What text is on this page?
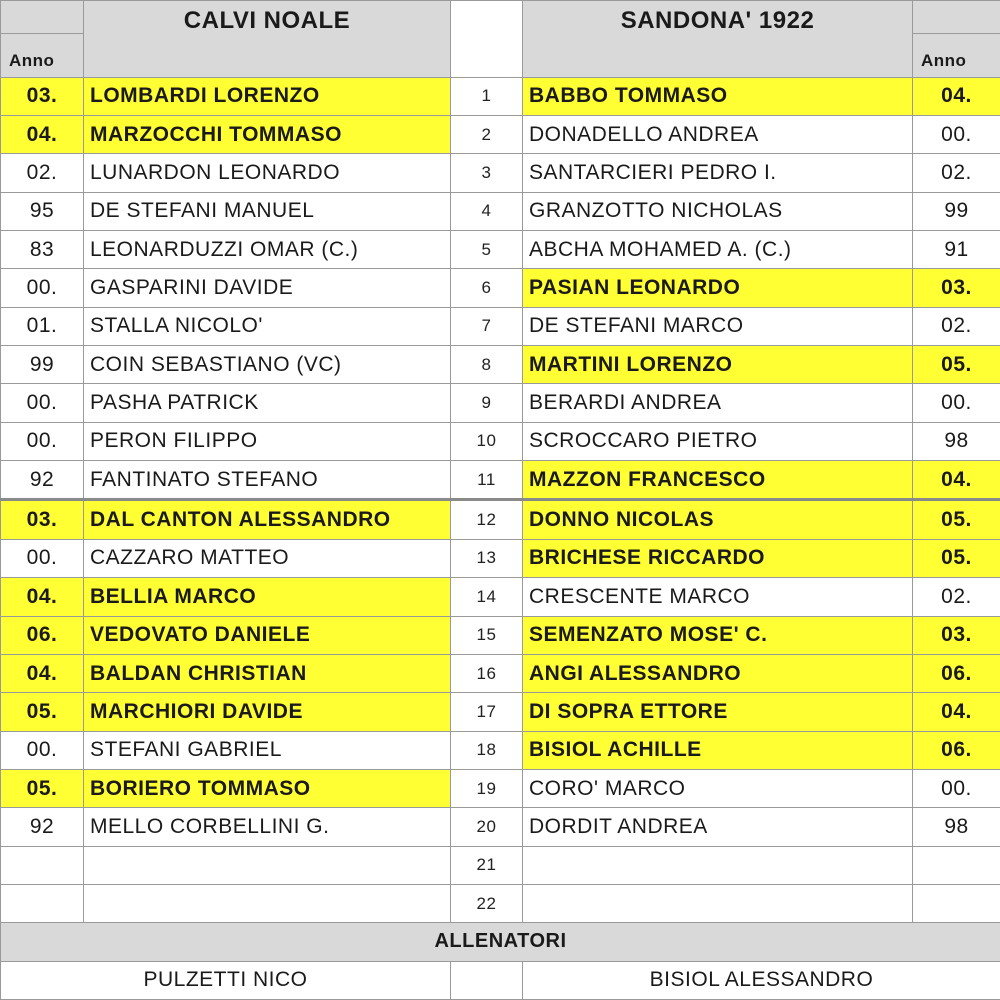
	CALVI NOALE		SANDONA' 1922	
Anno				Anno
03.	LOMBARDI LORENZO	1	BABBO TOMMASO	04.
04.	MARZOCCHI TOMMASO	2	DONADELLO ANDREA	00.
02.	LUNARDON LEONARDO	3	SANTARCIERI PEDRO I.	02.
95	DE STEFANI MANUEL	4	GRANZOTTO NICHOLAS	99
83	LEONARDUZZI OMAR (C.)	5	ABCHA MOHAMED A. (C.)	91
00.	GASPARINI DAVIDE	6	PASIAN LEONARDO	03.
01.	STALLA NICOLO'	7	DE STEFANI MARCO	02.
99	COIN SEBASTIANO (VC)	8	MARTINI LORENZO	05.
00.	PASHA PATRICK	9	BERARDI ANDREA	00.
00.	PERON FILIPPO	10	SCROCCARO PIETRO	98
92	FANTINATO STEFANO	11	MAZZON FRANCESCO	04.
03.	DAL CANTON ALESSANDRO	12	DONNO NICOLAS	05.
00.	CAZZARO MATTEO	13	BRICHESE RICCARDO	05.
04.	BELLIA MARCO	14	CRESCENTE MARCO	02.
06.	VEDOVATO DANIELE	15	SEMENZATO MOSE' C.	03.
04.	BALDAN CHRISTIAN	16	ANGI ALESSANDRO	06.
05.	MARCHIORI DAVIDE	17	DI SOPRA ETTORE	04.
00.	STEFANI GABRIEL	18	BISIOL ACHILLE	06.
05.	BORIERO TOMMASO	19	CORO' MARCO	00.
92	MELLO CORBELLINI G.	20	DORDIT ANDREA	98
		21		
		22		
ALLENATORI				
PULZETTI NICO			BISIOL ALESSANDRO	
